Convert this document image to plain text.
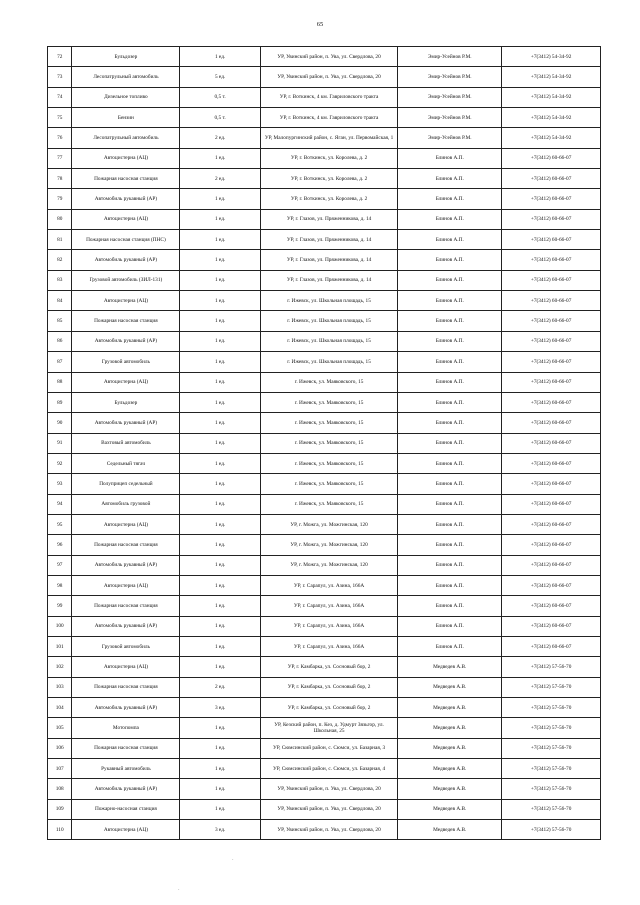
65
72	Бульдозер	1 ед.	УР, Увинский район, п. Ува, ул. Свердлова, 20	Эмир-Усейнов Р.М.	+7(3412) 54-34-92
73	Лесопатрульный автомобиль	5 ед.	УР, Увинский район, п. Ува, ул. Свердлова, 20	Эмир-Усейнов Р.М.	+7(3412) 54-34-92
74	Дизельное топливо	0,5 т.	УР, г. Воткинск, 4 км. Гавриловского тракта	Эмир-Усейнов Р.М.	+7(3412) 54-34-92
75	Бензин	0,5 т.	УР, г. Воткинск, 4 км. Гавриловского тракта	Эмир-Усейнов Р.М.	+7(3412) 54-34-92
76	Лесопатрульный автомобиль	2 ед.	УР, Малопургинский район, с. Яган, ул. Первомайская, 1	Эмир-Усейнов Р.М.	+7(3412) 54-34-92
77	Автоцистерна (АЦ)	1 ед.	УР, г. Воткинск, ул. Королева, д. 2	Блинов А.П.	+7(3412) 60-66-07
78	Пожарная насосная станция	2 ед.	УР, г. Воткинск, ул. Королева, д. 2	Блинов А.П.	+7(3412) 60-66-07
79	Автомобиль рукавный (АР)	1 ед.	УР, г. Воткинск, ул. Королева, д. 2	Блинов А.П.	+7(3412) 60-66-07
80	Автоцистерна (АЦ)	1 ед.	УР, г. Глазов, ул. Пряженникова, д. 14	Блинов А.П.	+7(3412) 60-66-07
81	Пожарная насосная станция (ПНС)	1 ед.	УР, г. Глазов, ул. Пряженникова, д. 14	Блинов А.П.	+7(3412) 60-66-07
82	Автомобиль рукавный (АР)	1 ед.	УР, г. Глазов, ул. Пряженникова, д. 14	Блинов А.П.	+7(3412) 60-66-07
83	Грузовой автомобиль (ЗИЛ-131)	1 ед.	УР, г. Глазов, ул. Пряженникова, д. 14	Блинов А.П.	+7(3412) 60-66-07
84	Автоцистерна (АЦ)	1 ед.	г. Ижевск, ул. Школьная площадь, 15	Блинов А.П.	+7(3412) 60-66-07
85	Пожарная насосная станция	1 ед.	г. Ижевск, ул. Школьная площадь, 15	Блинов А.П.	+7(3412) 60-66-07
86	Автомобиль рукавный (АР)	1 ед.	г. Ижевск, ул. Школьная площадь, 15	Блинов А.П.	+7(3412) 60-66-07
87	Грузовой автомобиль	1 ед.	г. Ижевск, ул. Школьная площадь, 15	Блинов А.П.	+7(3412) 60-66-07
88	Автоцистерна (АЦ)	1 ед.	г. Ижевск, ул. Маяковского, 15	Блинов А.П.	+7(3412) 60-66-07
89	Бульдозер	1 ед.	г. Ижевск, ул. Маяковского, 15	Блинов А.П.	+7(3412) 60-66-07
90	Автомобиль рукавный (АР)	1 ед.	г. Ижевск, ул. Маяковского, 15	Блинов А.П.	+7(3412) 60-66-07
91	Вахтовый автомобиль	1 ед.	г. Ижевск, ул. Маяковского, 15	Блинов А.П.	+7(3412) 60-66-07
92	Седельный тягач	1 ед.	г. Ижевск, ул. Маяковского, 15	Блинов А.П.	+7(3412) 60-66-07
93	Полуприцеп седельный	1 ед.	г. Ижевск, ул. Маяковского, 15	Блинов А.П.	+7(3412) 60-66-07
94	Автомобиль грузовой	1 ед.	г. Ижевск, ул. Маяковского, 15	Блинов А.П.	+7(3412) 60-66-07
95	Автоцистерна (АЦ)	1 ед.	УР, г. Можга, ул. Можгинская, 120	Блинов А.П.	+7(3412) 60-66-07
96	Пожарная насосная станция	1 ед.	УР, г. Можга, ул. Можгинская, 120	Блинов А.П.	+7(3412) 60-66-07
97	Автомобиль рукавный (АР)	1 ед.	УР, г. Можга, ул. Можгинская, 120	Блинов А.П.	+7(3412) 60-66-07
98	Автоцистерна (АЦ)	1 ед.	УР, г. Сарапул, ул. Азина, 166А	Блинов А.П.	+7(3412) 60-66-07
99	Пожарная насосная станция	1 ед.	УР, г. Сарапул, ул. Азина, 166А	Блинов А.П.	+7(3412) 60-66-07
100	Автомобиль рукавный (АР)	1 ед.	УР, г. Сарапул, ул. Азина, 166А	Блинов А.П.	+7(3412) 60-66-07
101	Грузовой автомобиль	1 ед.	УР, г. Сарапул, ул. Азина, 166А	Блинов А.П.	+7(3412) 60-66-07
102	Автоцистерна (АЦ)	1 ед.	УР, г. Камбарка, ул. Сосновый бор, 2	Медведев А.В.	+7(3412) 57-56-70
103	Пожарная насосная станция	2 ед.	УР, г. Камбарка, ул. Сосновый бор, 2	Медведев А.В.	+7(3412) 57-56-70
104	Автомобиль рукавный (АР)	3 ед.	УР, г. Камбарка, ул. Сосновый бор, 2	Медведев А.В.	+7(3412) 57-56-70
105	Мотопомпа	1 ед.	УР, Кезский район, п. Кез, д. Удмурт Зязьгор, ул. Школьная, 25	Медведев А.В.	+7(3412) 57-56-70
106	Пожарная насосная станция	1 ед.	УР, Сюмсинский район, с. Сюмси, ул. Базарная, 3	Медведев А.В.	+7(3412) 57-56-70
107	Рукавный автомобиль	1 ед.	УР, Сюмсинский район, с. Сюмси, ул. Базарная, 4	Медведев А.В.	+7(3412) 57-56-70
108	Автомобиль рукавный (АР)	1 ед.	УР, Увинский район, п. Ува, ул. Свердлова, 20	Медведев А.В.	+7(3412) 57-56-70
109	Пожарно-насосная станция	1 ед.	УР, Увинский район, п. Ува, ул. Свердлова, 20	Медведев А.В.	+7(3412) 57-56-70
110	Автоцистерна (АЦ)	3 ед.	УР, Увинский район, п. Ува, ул. Свердлова, 20	Медведев А.В.	+7(3412) 57-56-70
·
·
